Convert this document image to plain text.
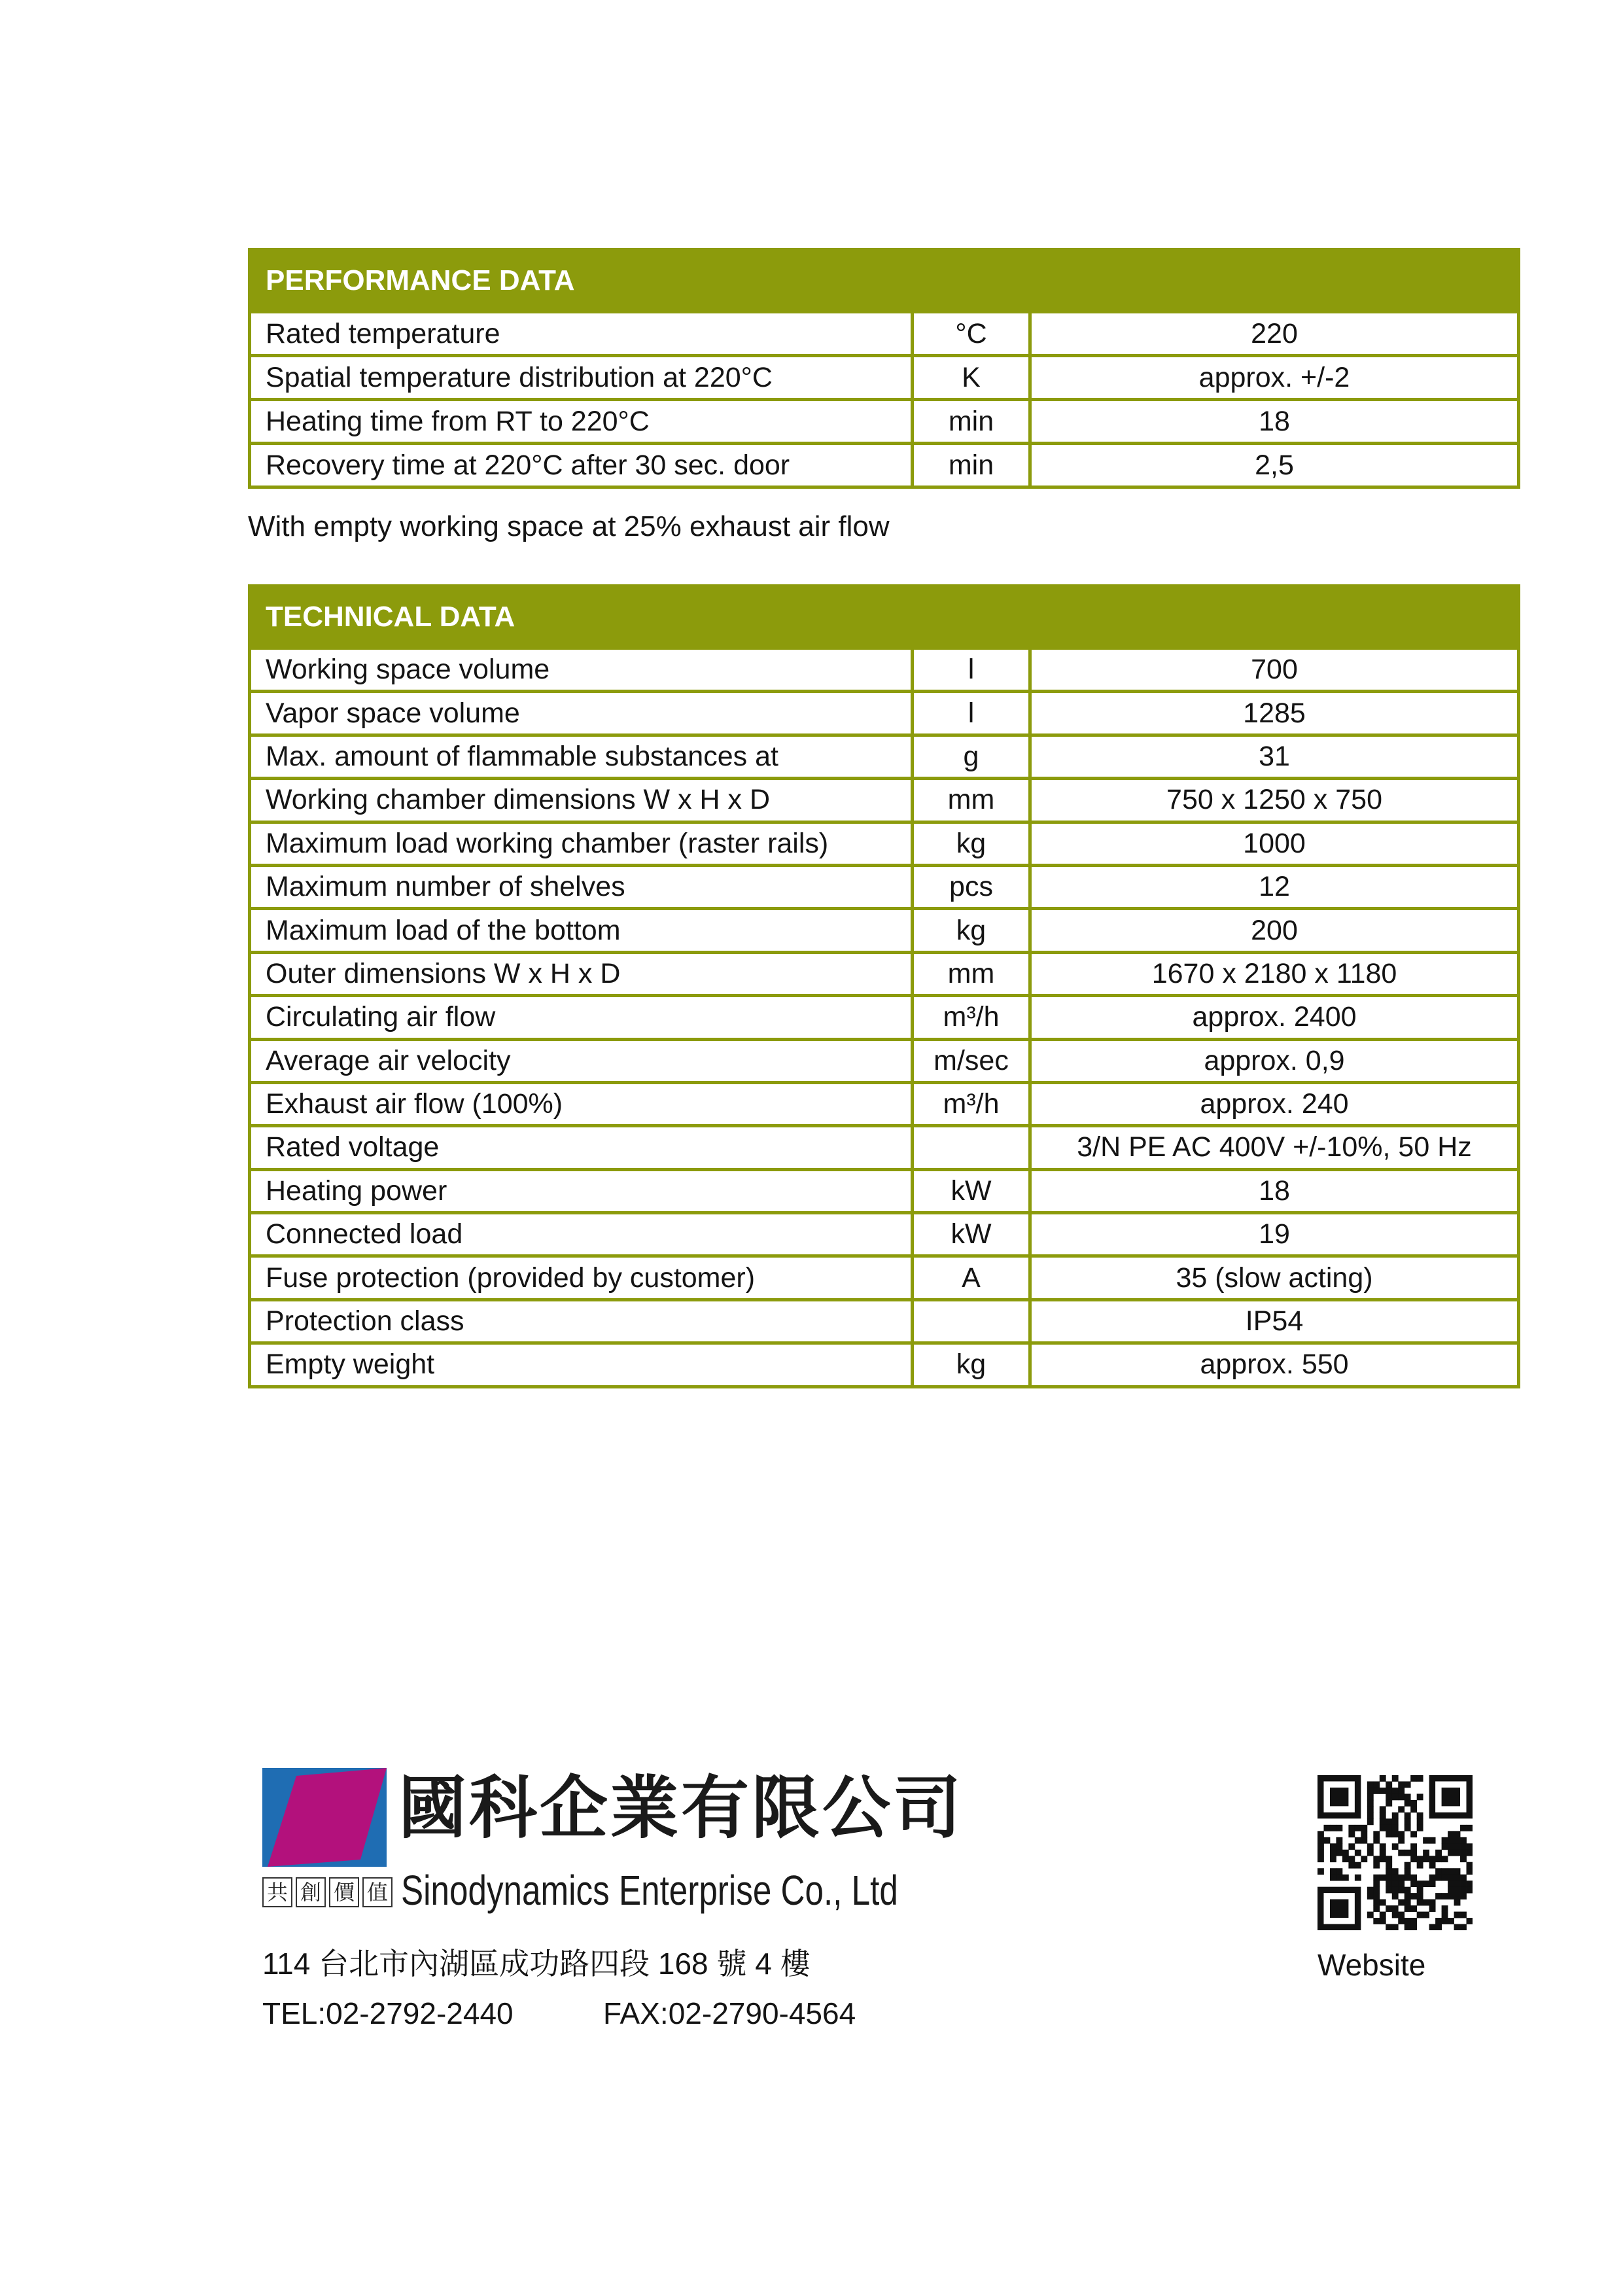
PERFORMANCE DATA		
Rated temperature	°C	220
Spatial temperature distribution at 220°C	K	approx. +/-2
Heating time from RT to 220°C	min	18
Recovery time at 220°C after 30 sec. door	min	2,5
With empty working space at 25% exhaust air flow
TECHNICAL DATA		
Working space volume	l	700
Vapor space volume	l	1285
Max. amount of flammable substances at	g	31
Working chamber dimensions W x H x D	mm	750 x 1250 x 750
Maximum load working chamber (raster rails)	kg	1000
Maximum number of shelves	pcs	12
Maximum load of the bottom	kg	200
Outer dimensions W x H x D	mm	1670 x 2180 x 1180
Circulating air flow	m³/h	approx. 2400
Average air velocity	m/sec	approx. 0,9
Exhaust air flow (100%)	m³/h	approx. 240
Rated voltage		3/N PE AC 400V +/-10%, 50 Hz
Heating power	kW	18
Connected load	kW	19
Fuse protection (provided by customer)	A	35 (slow acting)
Protection class		IP54
Empty weight	kg	approx. 550
國科企業有限公司
共 創 價 值 Sinodynamics Enterprise Co., Ltd
114 台北市內湖區成功路四段 168 號 4 樓
TEL:02-2792-2440	FAX:02-2790-4564
Website
